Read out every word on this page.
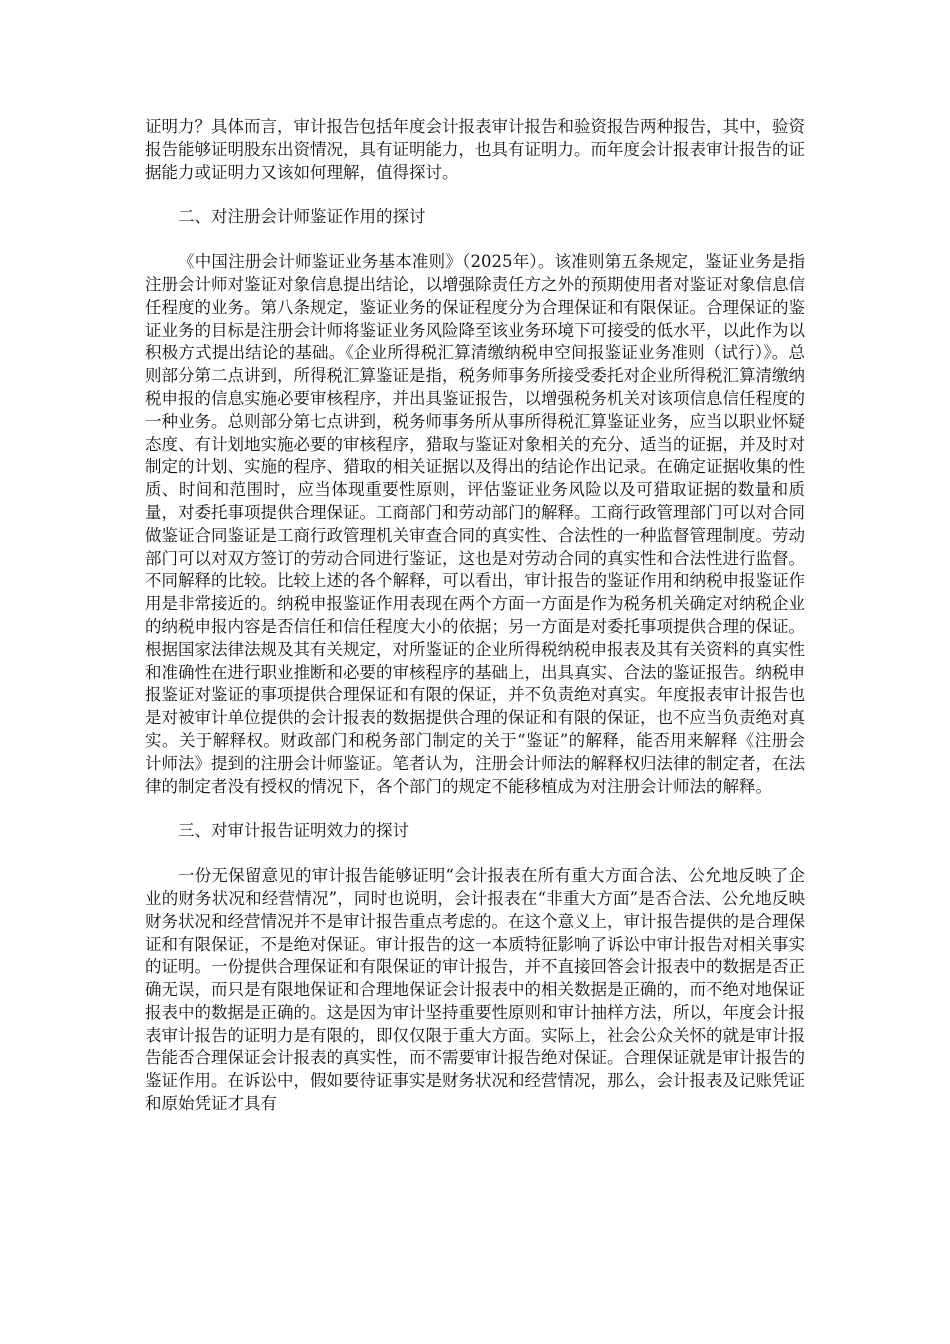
证明力？具体而言，审计报告包括年度会计报表审计报告和验资报告两种报告，其中，验资报告能够证明股东出资情况，具有证明能力，也具有证明力。而年度会计报表审计报告的证据能力或证明力又该如何理解，值得探讨。

二、对注册会计师鉴证作用的探讨

《中国注册会计师鉴证业务基本准则》（2025年）。该准则第五条规定，鉴证业务是指注册会计师对鉴证对象信息提出结论，以增强除责任方之外的预期使用者对鉴证对象信息信任程度的业务。第八条规定，鉴证业务的保证程度分为合理保证和有限保证。合理保证的鉴证业务的目标是注册会计师将鉴证业务风险降至该业务环境下可接受的低水平，以此作为以积极方式提出结论的基础。《企业所得税汇算清缴纳税申空间报鉴证业务准则（试行）》。总则部分第二点讲到，所得税汇算鉴证是指，税务师事务所接受委托对企业所得税汇算清缴纳税申报的信息实施必要审核程序，并出具鉴证报告，以增强税务机关对该项信息信任程度的一种业务。总则部分第七点讲到，税务师事务所从事所得税汇算鉴证业务，应当以职业怀疑态度、有计划地实施必要的审核程序，猎取与鉴证对象相关的充分、适当的证据，并及时对制定的计划、实施的程序、猎取的相关证据以及得出的结论作出记录。在确定证据收集的性质、时间和范围时，应当体现重要性原则，评估鉴证业务风险以及可猎取证据的数量和质量，对委托事项提供合理保证。工商部门和劳动部门的解释。工商行政管理部门可以对合同做鉴证合同鉴证是工商行政管理机关审查合同的真实性、合法性的一种监督管理制度。劳动部门可以对双方签订的劳动合同进行鉴证，这也是对劳动合同的真实性和合法性进行监督。不同解释的比较。比较上述的各个解释，可以看出，审计报告的鉴证作用和纳税申报鉴证作用是非常接近的。纳税申报鉴证作用表现在两个方面一方面是作为税务机关确定对纳税企业的纳税申报内容是否信任和信任程度大小的依据；另一方面是对委托事项提供合理的保证。根据国家法律法规及其有关规定，对所鉴证的企业所得税纳税申报表及其有关资料的真实性和准确性在进行职业推断和必要的审核程序的基础上，出具真实、合法的鉴证报告。纳税申报鉴证对鉴证的事项提供合理保证和有限的保证，并不负责绝对真实。年度报表审计报告也是对被审计单位提供的会计报表的数据提供合理的保证和有限的保证，也不应当负责绝对真实。关于解释权。财政部门和税务部门制定的关于“鉴证”的解释，能否用来解释《注册会计师法》提到的注册会计师鉴证。笔者认为，注册会计师法的解释权归法律的制定者，在法律的制定者没有授权的情况下，各个部门的规定不能移植成为对注册会计师法的解释。

三、对审计报告证明效力的探讨

一份无保留意见的审计报告能够证明“会计报表在所有重大方面合法、公允地反映了企业的财务状况和经营情况”，同时也说明，会计报表在“非重大方面”是否合法、公允地反映财务状况和经营情况并不是审计报告重点考虑的。在这个意义上，审计报告提供的是合理保证和有限保证，不是绝对保证。审计报告的这一本质特征影响了诉讼中审计报告对相关事实的证明。一份提供合理保证和有限保证的审计报告，并不直接回答会计报表中的数据是否正确无误，而只是有限地保证和合理地保证会计报表中的相关数据是正确的，而不绝对地保证报表中的数据是正确的。这是因为审计坚持重要性原则和审计抽样方法，所以，年度会计报表审计报告的证明力是有限的，即仅仅限于重大方面。实际上，社会公众关怀的就是审计报告能否合理保证会计报表的真实性，而不需要审计报告绝对保证。合理保证就是审计报告的鉴证作用。在诉讼中，假如要待证事实是财务状况和经营情况，那么，会计报表及记账凭证和原始凭证才具有
